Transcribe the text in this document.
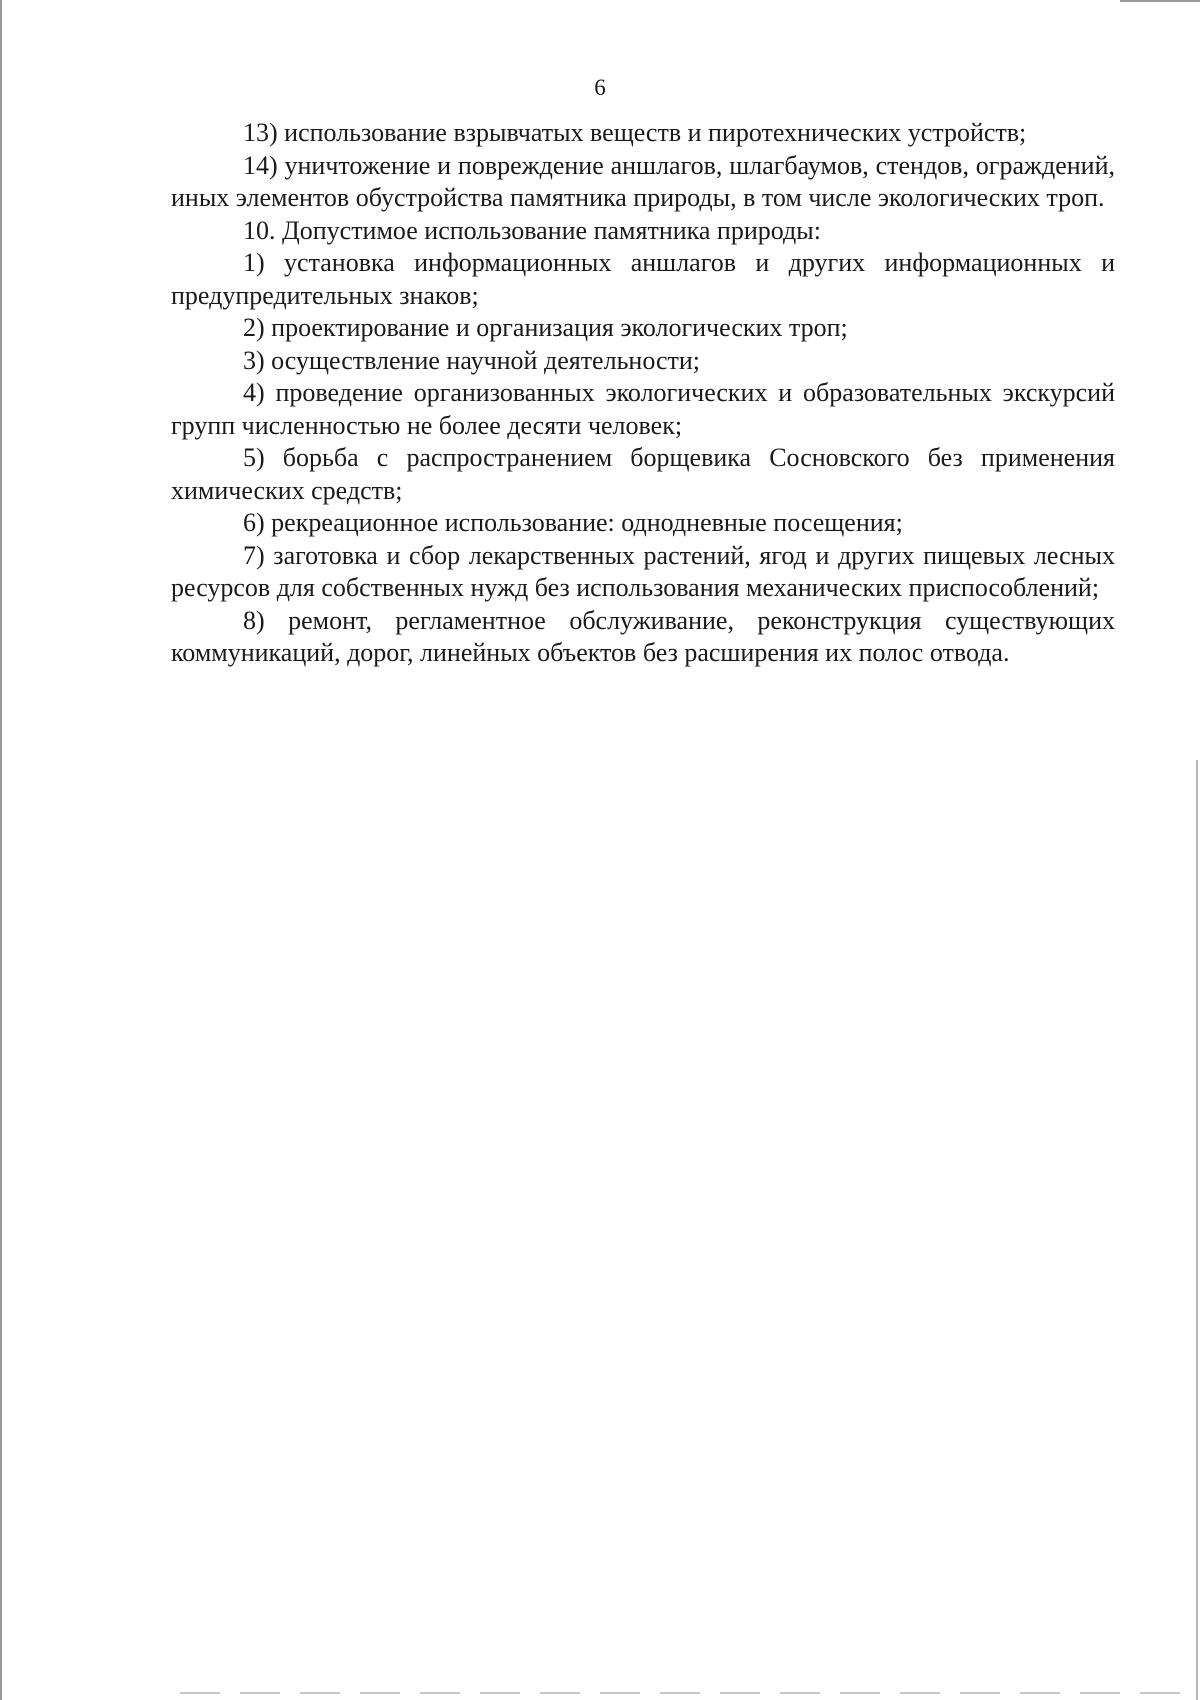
6

13) использование взрывчатых веществ и пиротехнических устройств;

14) уничтожение и повреждение аншлагов, шлагбаумов, стендов, ограждений, иных элементов обустройства памятника природы, в том числе экологических троп.

10. Допустимое использование памятника природы:

1) установка информационных аншлагов и других информационных и предупредительных знаков;

2) проектирование и организация экологических троп;

3) осуществление научной деятельности;

4) проведение организованных экологических и образовательных экскурсий групп численностью не более десяти человек;

5) борьба с распространением борщевика Сосновского без применения химических средств;

6) рекреационное использование: однодневные посещения;

7) заготовка и сбор лекарственных растений, ягод и других пищевых лесных ресурсов для собственных нужд без использования механических приспособлений;

8) ремонт, регламентное обслуживание, реконструкция существующих коммуникаций, дорог, линейных объектов без расширения их полос отвода.
